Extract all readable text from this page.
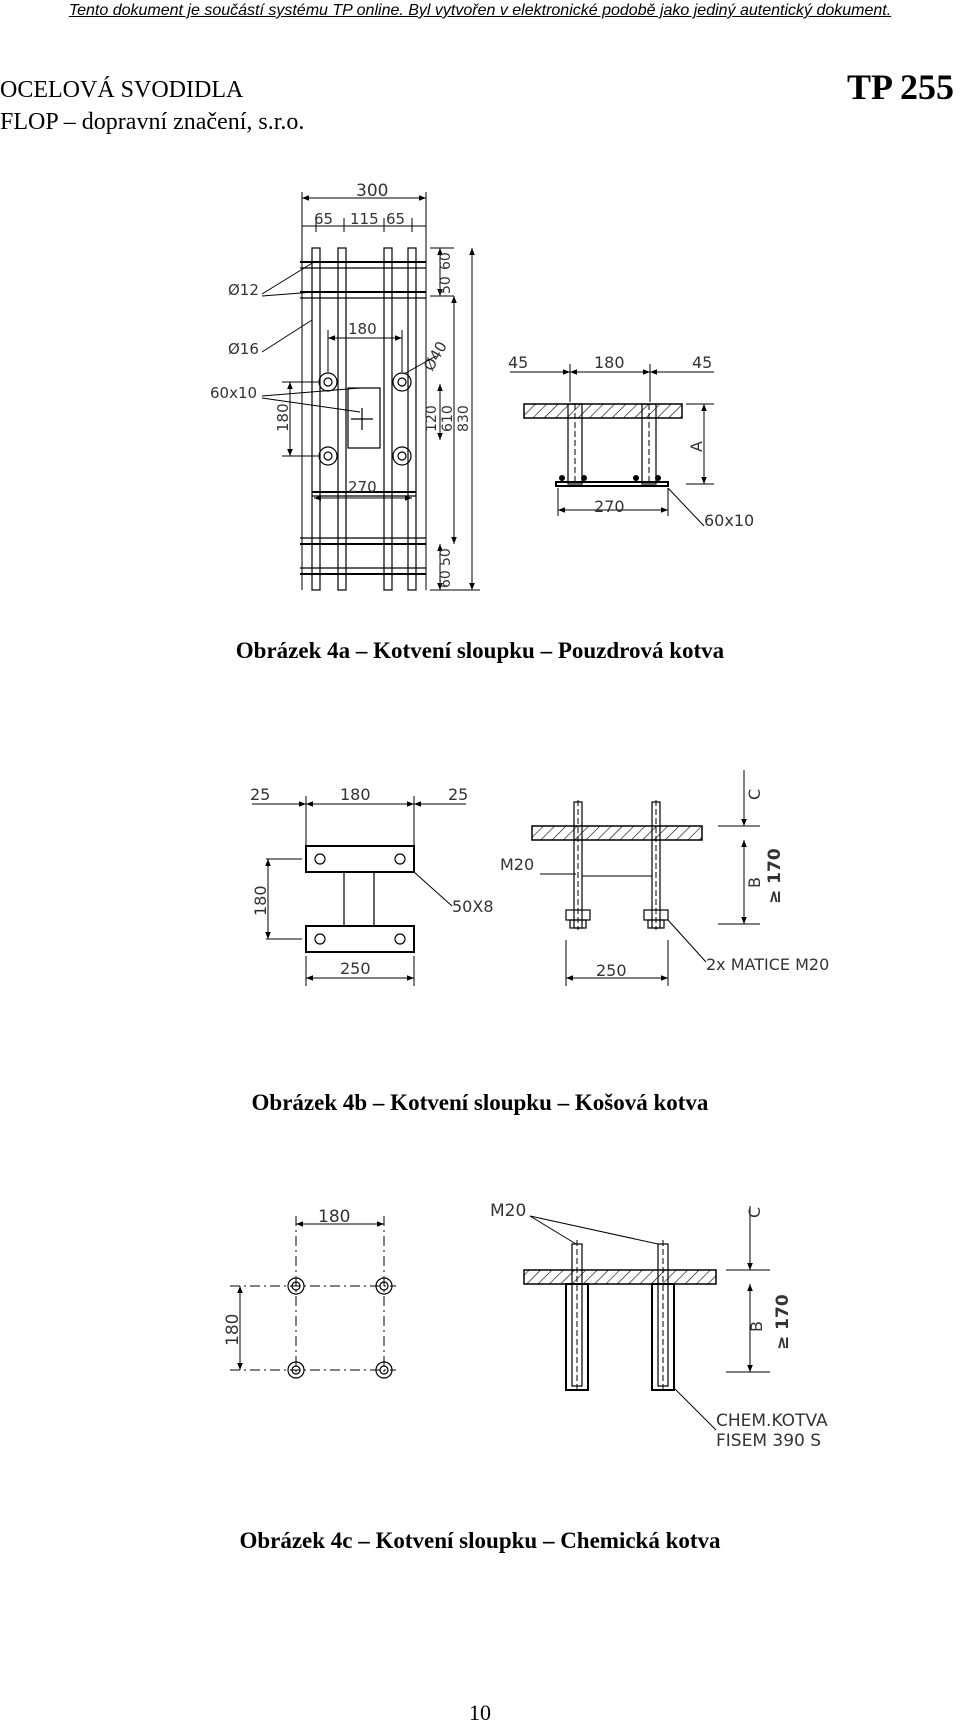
Tento dokument je součástí systému TP online. Byl vytvořen v elektronické podobě jako jediný autentický dokument.
OCELOVÁ SVODIDLA
FLOP – dopravní značení, s.r.o.
TP 255
300
65 115 65
180
270
Ø12
Ø16
60x10
180
Ø40
60
50
120 610 830
50
60
45	180	45
A
270
60x10
Obrázek 4a – Kotvení sloupku – Pouzdrová kotva
25	180	25
180	50X8
250
M20
250	2x MATICE M20
C
B ≥ 170
Obrázek 4b – Kotvení sloupku – Košová kotva
180
180
M20
CHEM.KOTVA
FISEM 390 S
C
B ≥ 170
Obrázek 4c – Kotvení sloupku – Chemická kotva
10
